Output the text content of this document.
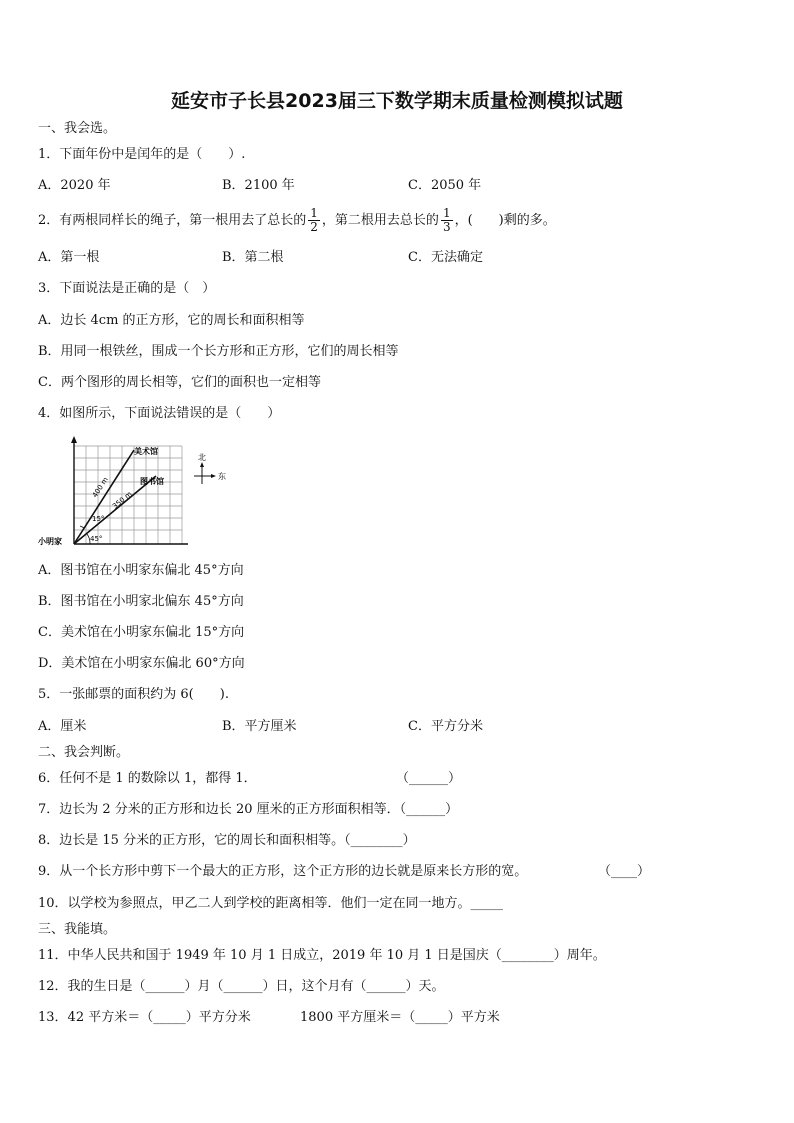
延安市子长县2023届三下数学期末质量检测模拟试题
一、我会选。
1．下面年份中是闰年的是（　　）.
A．2020 年	B．2100 年	C．2050 年
2．有两根同样长的绳子，第一根用去了总长的 $\frac{1}{2}$ ，第二根用去总长的 $\frac{1}{3}$ ，(　　)剩的多。
A．第一根	B．第二根	C．无法确定
3．下面说法是正确的是（　）
A．边长 4cm 的正方形，它的周长和面积相等
B．用同一根铁丝，围成一个长方形和正方形，它们的周长相等
C．两个图形的周长相等，它们的面积也一定相等
4．如图所示，下面说法错误的是（　　）
美术馆
图书馆
小明家
400 m
350 m
15°
45°
北
东
A．图书馆在小明家东偏北 45°方向
B．图书馆在小明家北偏东 45°方向
C．美术馆在小明家东偏北 15°方向
D．美术馆在小明家东偏北 60°方向
5．一张邮票的面积约为 6(　　).
A．厘米	B．平方厘米	C．平方分米
二、我会判断。
6．任何不是 1 的数除以 1，都得 1．	（______）
7．边长为 2 分米的正方形和边长 20 厘米的正方形面积相等．（______）
8．边长是 15 分米的正方形，它的周长和面积相等。（________）
9．从一个长方形中剪下一个最大的正方形，这个正方形的边长就是原来长方形的宽。	（____）
10．以学校为参照点，甲乙二人到学校的距离相等．他们一定在同一地方。_____
三、我能填。
11．中华人民共和国于 1949 年 10 月 1 日成立，2019 年 10 月 1 日是国庆（________）周年。
12．我的生日是（______）月（______）日，这个月有（______）天。
13．42 平方米＝（_____）平方分米	1800 平方厘米＝（_____）平方米
